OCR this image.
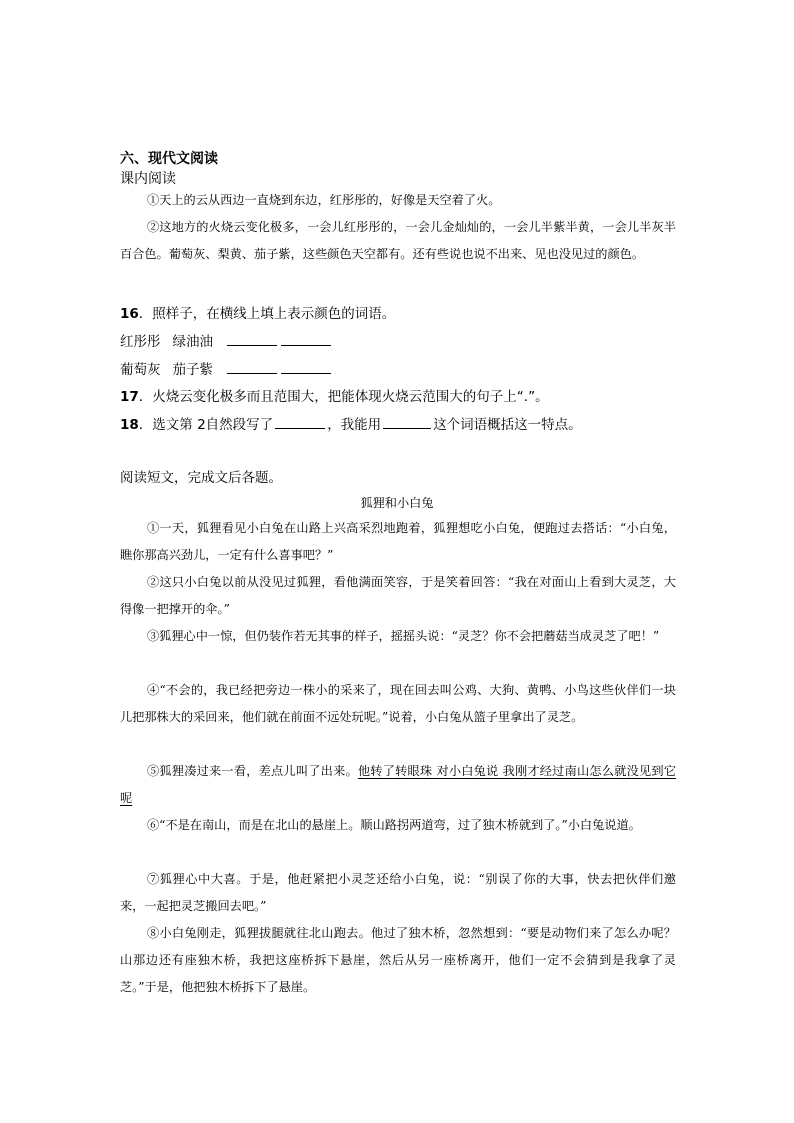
六、现代文阅读
课内阅读

①天上的云从西边一直烧到东边，红彤彤的，好像是天空着了火。

②这地方的火烧云变化极多，一会儿红彤彤的，一会儿金灿灿的，一会儿半紫半黄，一会儿半灰半百合色。葡萄灰、梨黄、茄子紫，这些颜色天空都有。还有些说也说不出来、见也没见过的颜色。

16．照样子，在横线上填上表示颜色的词语。
红彤彤 绿油油
葡萄灰 茄子紫
17．火烧云变化极多而且范围大，把能体现火烧云范围大的句子上“.”。
18．选文第 2自然段写了	，我能用	这个词语概括这一特点。
阅读短文，完成文后各题。
狐狸和小白兔

①一天，狐狸看见小白兔在山路上兴高采烈地跑着，狐狸想吃小白兔，便跑过去搭话：“小白兔，瞧你那高兴劲儿，一定有什么喜事吧？”

②这只小白兔以前从没见过狐狸，看他满面笑容，于是笑着回答：“我在对面山上看到大灵芝，大得像一把撑开的伞。”

③狐狸心中一惊，但仍装作若无其事的样子，摇摇头说：“灵芝？你不会把蘑菇当成灵芝了吧！”

④“不会的，我已经把旁边一株小的采来了，现在回去叫公鸡、大狗、黄鸭、小鸟这些伙伴们一块儿把那株大的采回来，他们就在前面不远处玩呢。”说着，小白兔从篮子里拿出了灵芝。

⑤狐狸凑过来一看，差点儿叫了出来。他转了转眼珠 对小白兔说 我刚才经过南山怎么就没见到它呢

⑥“不是在南山，而是在北山的悬崖上。顺山路拐两道弯，过了独木桥就到了。”小白兔说道。

⑦狐狸心中大喜。于是，他赶紧把小灵芝还给小白兔，说：“别误了你的大事，快去把伙伴们邀来，一起把灵芝搬回去吧。”

⑧小白兔刚走，狐狸拔腿就往北山跑去。他过了独木桥，忽然想到：“要是动物们来了怎么办呢？山那边还有座独木桥，我把这座桥拆下悬崖，然后从另一座桥离开，他们一定不会猜到是我拿了灵芝。”于是，他把独木桥拆下了悬崖。
